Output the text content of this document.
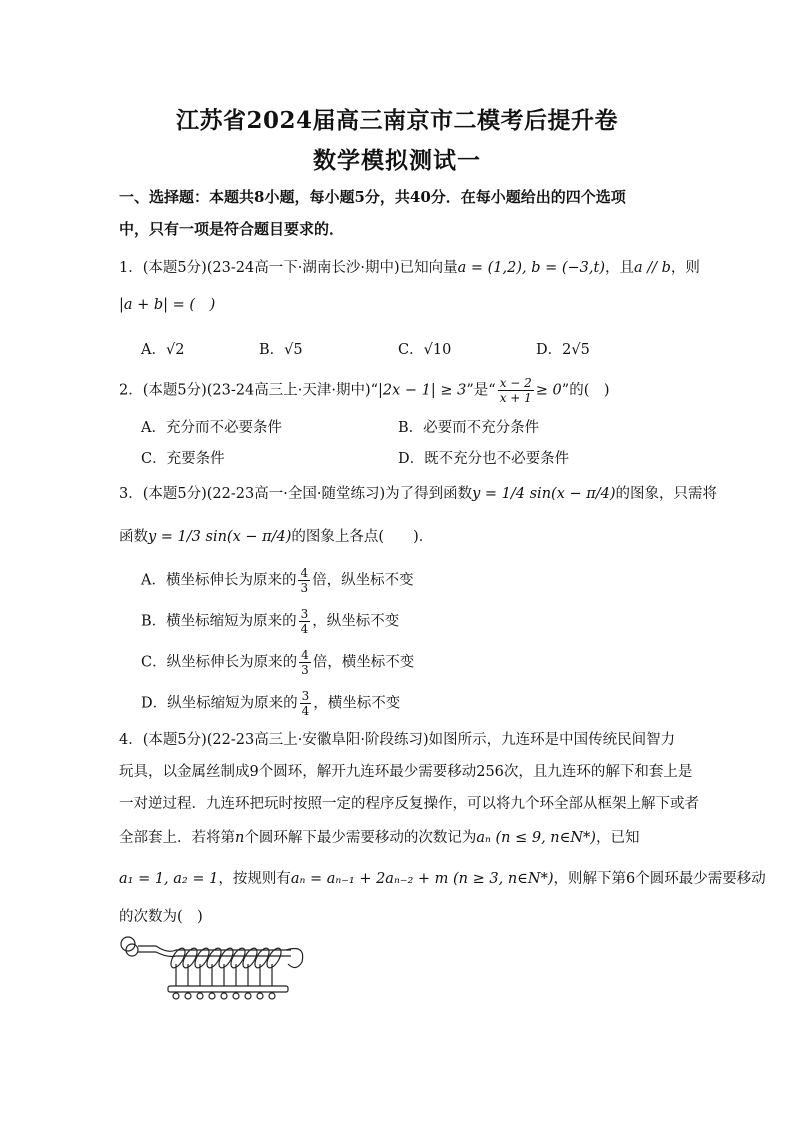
江苏省2024届高三南京市二模考后提升卷
数学模拟测试一
一、选择题：本题共8小题，每小题5分，共40分．在每小题给出的四个选项
中，只有一项是符合题目要求的．
1．(本题5分)(23-24高一下·湖南长沙·期中)已知向量a = (1,2), b = (−3,t)，且a // b，则
|a + b| = (　)
A．√2	B．√5	C．√10	D．2√5
2．(本题5分)(23-24高三上·天津·期中)“|2x − 1| ≥ 3”是“ $\frac{x - 2}{x + 1} \ge 0$”的(　)
A．充分而不必要条件	B．必要而不充分条件
C．充要条件	D．既不充分也不必要条件
3．(本题5分)(22-23高一·全国·随堂练习)为了得到函数y = 1/4 sin(x − π/4)的图象，只需将
函数y = 1/3 sin(x − π/4)的图象上各点(　　)．
A．横坐标伸长为原来的 $\frac{4}{3}$ 倍，纵坐标不变
B．横坐标缩短为原来的 $\frac{3}{4}$ ，纵坐标不变
C．纵坐标伸长为原来的 $\frac{4}{3}$ 倍，横坐标不变
D．纵坐标缩短为原来的 $\frac{3}{4}$ ，横坐标不变
4．(本题5分)(22-23高三上·安徽阜阳·阶段练习)如图所示，九连环是中国传统民间智力
玩具，以金属丝制成9个圆环，解开九连环最少需要移动256次，且九连环的解下和套上是
一对逆过程．九连环把玩时按照一定的程序反复操作，可以将九个环全部从框架上解下或者
全部套上．若将第n个圆环解下最少需要移动的次数记为aₙ (n ≤ 9, n∈N*)，已知
a₁ = 1, a₂ = 1，按规则有aₙ = aₙ₋₁ + 2aₙ₋₂ + m (n ≥ 3, n∈N*)，则解下第6个圆环最少需要移动
的次数为(　)
